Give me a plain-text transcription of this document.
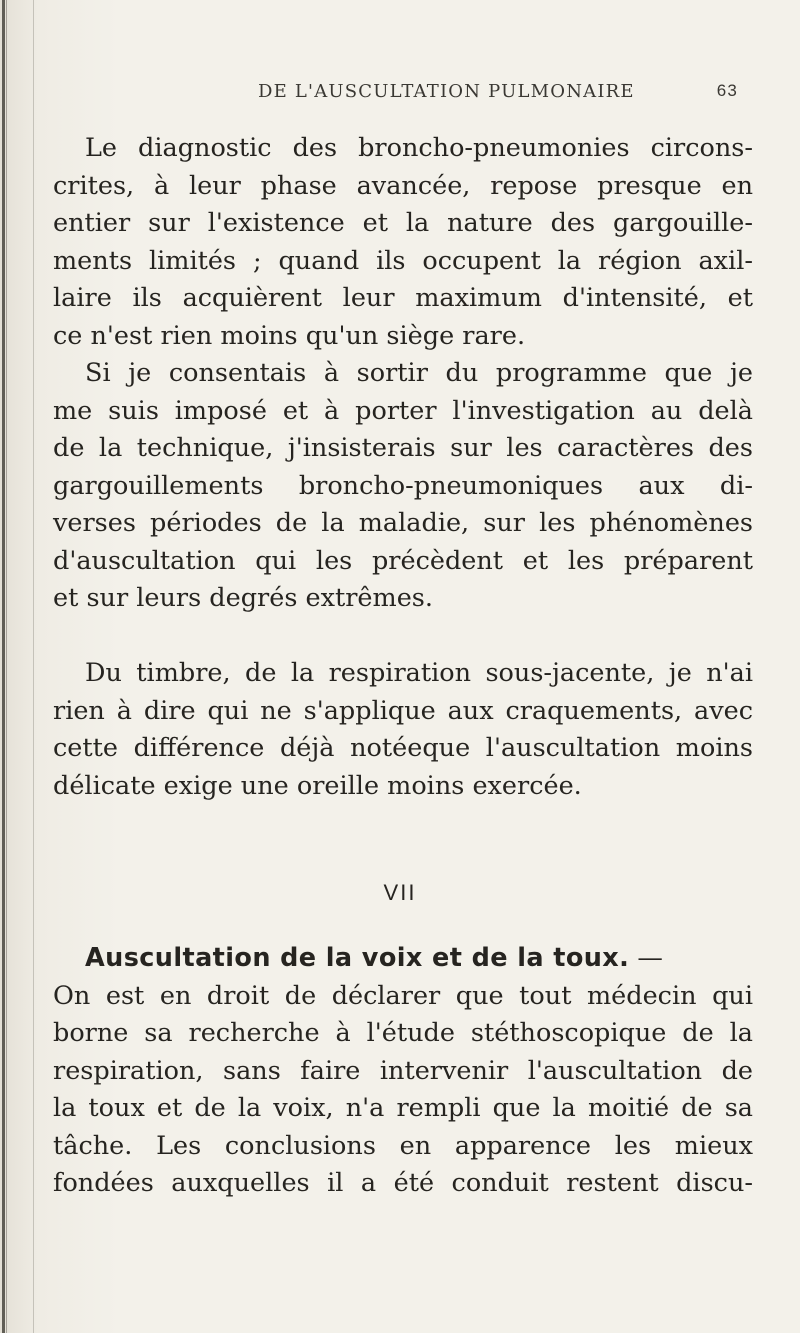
DE L'AUSCULTATION PULMONAIRE	63
Le diagnostic des broncho-pneumonies circons-
crites, à leur phase avancée, repose presque en
entier sur l'existence et la nature des gargouille-
ments limités ; quand ils occupent la région axil-
laire ils acquièrent leur maximum d'intensité, et
ce n'est rien moins qu'un siège rare.
Si je consentais à sortir du programme que je
me suis imposé et à porter l'investigation au delà
de la technique, j'insisterais sur les caractères des
gargouillements broncho-pneumoniques aux di-
verses périodes de la maladie, sur les phénomènes
d'auscultation qui les précèdent et les préparent
et sur leurs degrés extrêmes.
Du timbre, de la respiration sous-jacente, je n'ai
rien à dire qui ne s'applique aux craquements, avec
cette différence déjà notéeque l'auscultation moins
délicate exige une oreille moins exercée.
VII
Auscultation de la voix et de la toux. —
On est en droit de déclarer que tout médecin qui
borne sa recherche à l'étude stéthoscopique de la
respiration, sans faire intervenir l'auscultation de
la toux et de la voix, n'a rempli que la moitié de sa
tâche. Les conclusions en apparence les mieux
fondées auxquelles il a été conduit restent discu-
